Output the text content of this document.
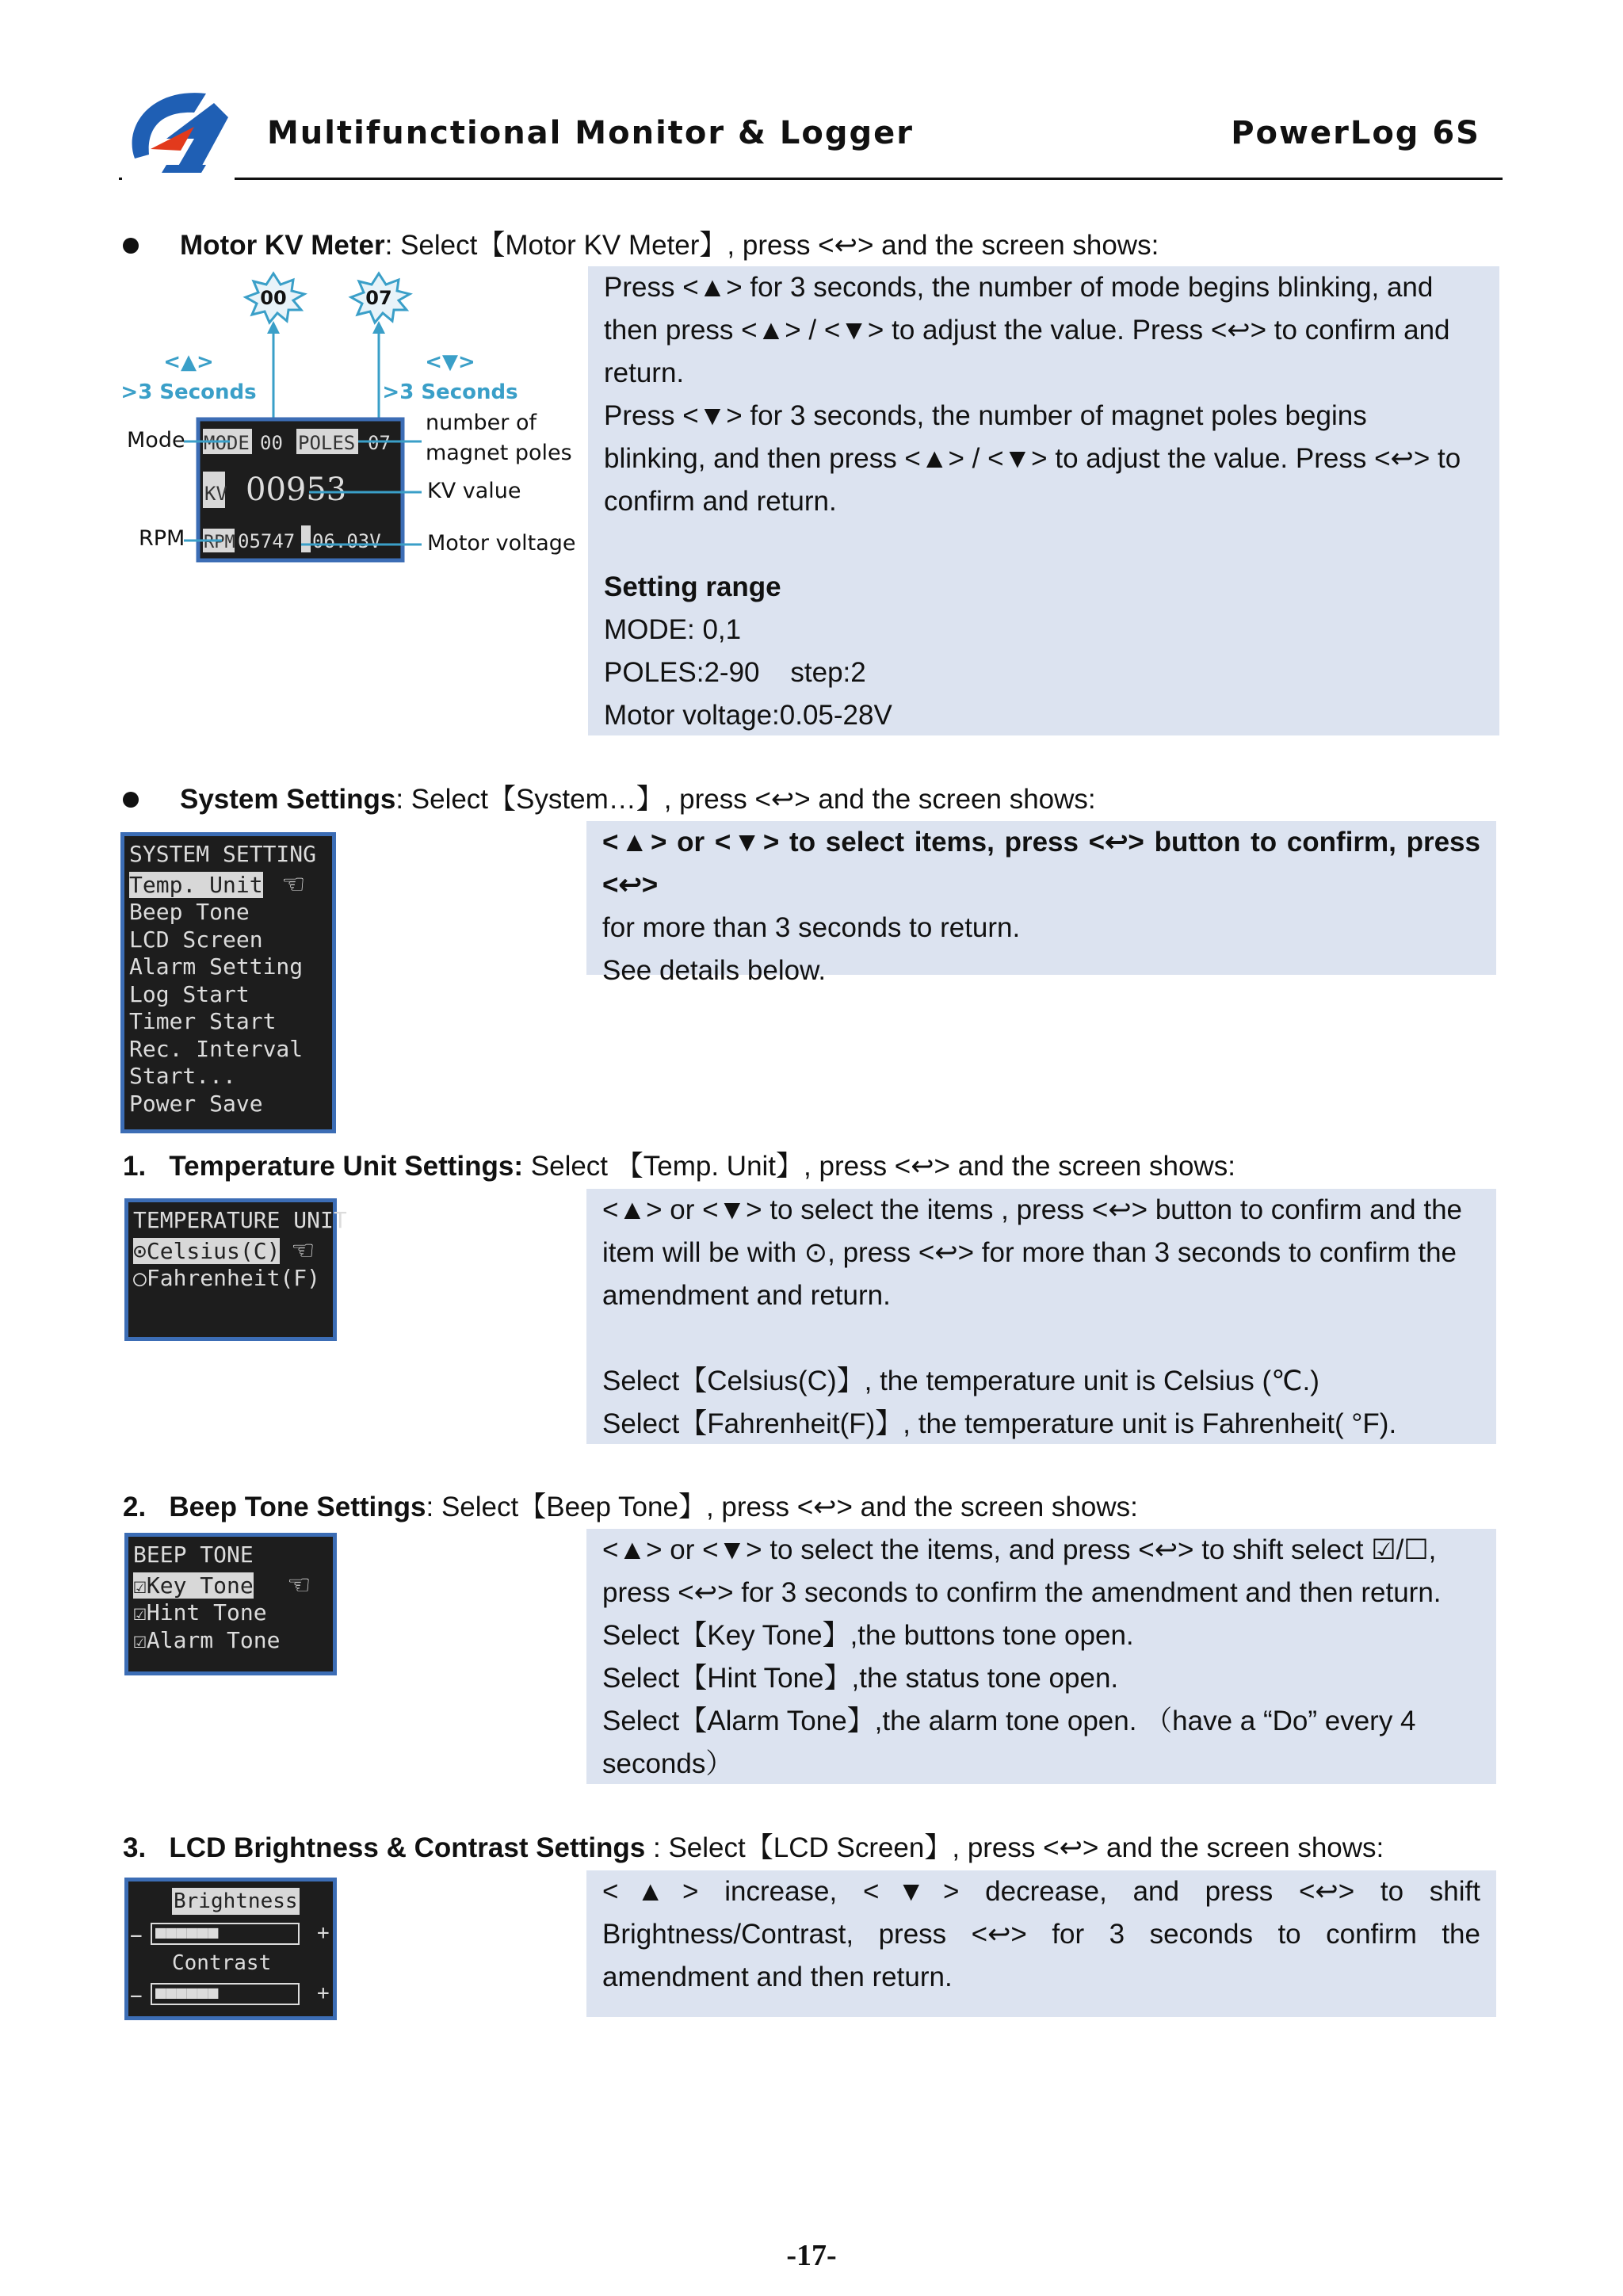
Multifunctional Monitor & Logger	PowerLog 6S
Motor KV Meter: Select【Motor KV Meter】, press <↩> and the screen shows:
00	07
<▲>
>3 Seconds
<▼>
>3 Seconds
MODE 00 POLES 07
KV 00953
RPM 05747 06.03V
Mode
RPM
number of
magnet poles
KV value
Motor voltage

Press <▲> for 3 seconds, the number of mode begins blinking, and

then press <▲> / <▼> to adjust the value. Press <↩> to confirm and

return.

Press <▼> for 3 seconds, the number of magnet poles begins

blinking, and then press <▲> / <▼> to adjust the value. Press <↩> to

confirm and return.

Setting range

MODE: 0,1

POLES:2-90    step:2

Motor voltage:0.05-28V

System Settings: Select【System…】, press <↩> and the screen shows:
SYSTEM SETTING
Temp. Unit
Beep Tone
LCD Screen
Alarm Setting
Log Start
Timer Start
Rec. Interval
Start...
Power Save
☜

<▲> or <▼> to select items, press <↩> button to confirm, press <↩>

for more than 3 seconds to return.

See details below.

1. Temperature Unit Settings: Select 【Temp. Unit】, press <↩> and the screen shows:
TEMPERATURE UNIT
⊙Celsius(C)
○Fahrenheit(F)
☜

<▲> or <▼> to select the items , press <↩> button to confirm and the

item will be with ⊙, press <↩> for more than 3 seconds to confirm the

amendment and return.

Select【Celsius(C)】, the temperature unit is Celsius (℃.)

Select【Fahrenheit(F)】, the temperature unit is Fahrenheit( °F).

2. Beep Tone Settings: Select【Beep Tone】, press <↩> and the screen shows:
BEEP TONE
☑Key Tone
☑Hint Tone
☑Alarm Tone
☜

<▲> or <▼> to select the items, and press <↩> to shift select ☑/☐,

press <↩> for 3 seconds to confirm the amendment and then return.

Select【Key Tone】,the buttons tone open.

Select【Hint Tone】,the status tone open.

Select【Alarm Tone】,the alarm tone open. （have a “Do” every 4

seconds）

3. LCD Brightness & Contrast Settings : Select【LCD Screen】, press <↩> and the screen shows:
Brightness
− ■■■■■■	+
Contrast
− ■■■■■■	+

<▲> increase, <▼> decrease, and press <↩> to shift

Brightness/Contrast, press <↩> for 3 seconds to confirm the

amendment and then return.

-17-
